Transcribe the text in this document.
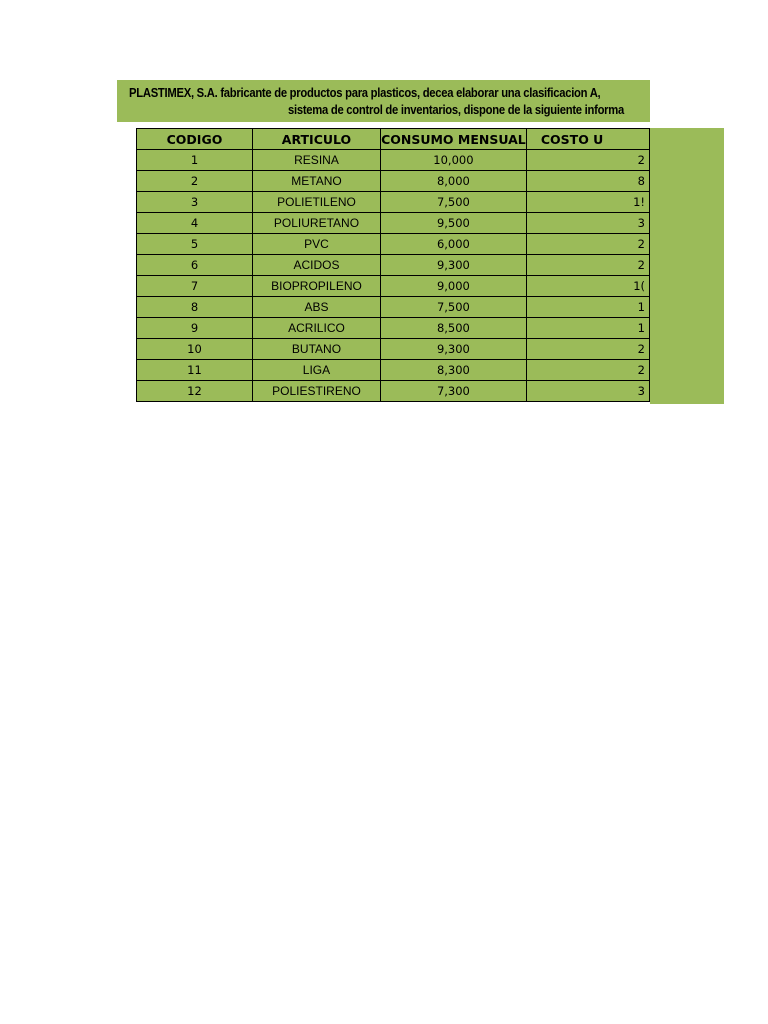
PLASTIMEX, S.A. fabricante de productos para plasticos, decea elaborar una clasificacion A,
sistema de control de inventarios, dispone de la siguiente informa
CODIGO	ARTICULO	CONSUMO MENSUAL	COSTO U
1	RESINA	10,000	2
2	METANO	8,000	8
3	POLIETILENO	7,500	1!
4	POLIURETANO	9,500	3
5	PVC	6,000	2
6	ACIDOS	9,300	2
7	BIOPROPILENO	9,000	1(
8	ABS	7,500	1
9	ACRILICO	8,500	1
10	BUTANO	9,300	2
11	LIGA	8,300	2
12	POLIESTIRENO	7,300	3
